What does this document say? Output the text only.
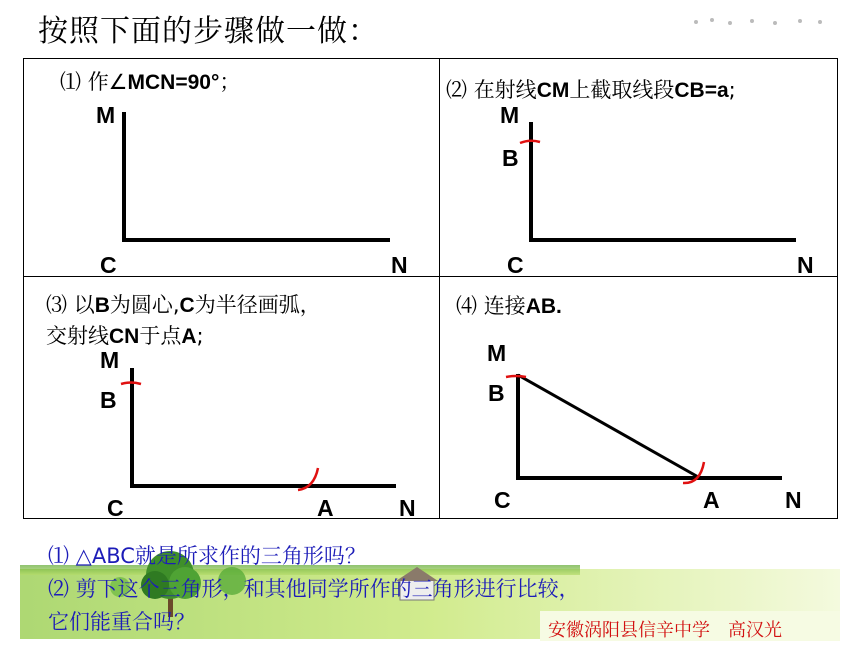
按照下面的步骤做一做：
⑴ 作∠MCN=90°；	⑵ 在射线CM上截取线段CB=a;
⑶ 以B为圆心,C为半径画弧，
交射线CN于点A;
⑷ 连接AB.
M
C	N
M
B
C	N
M
B
C	A	N
M
B
C	A	N
⑴ △ABC就是所求作的三角形吗？
⑵ 剪下这个三角形，和其他同学所作的三角形进行比较，
它们能重合吗？	安徽涡阳县信辛中学　高汉光
